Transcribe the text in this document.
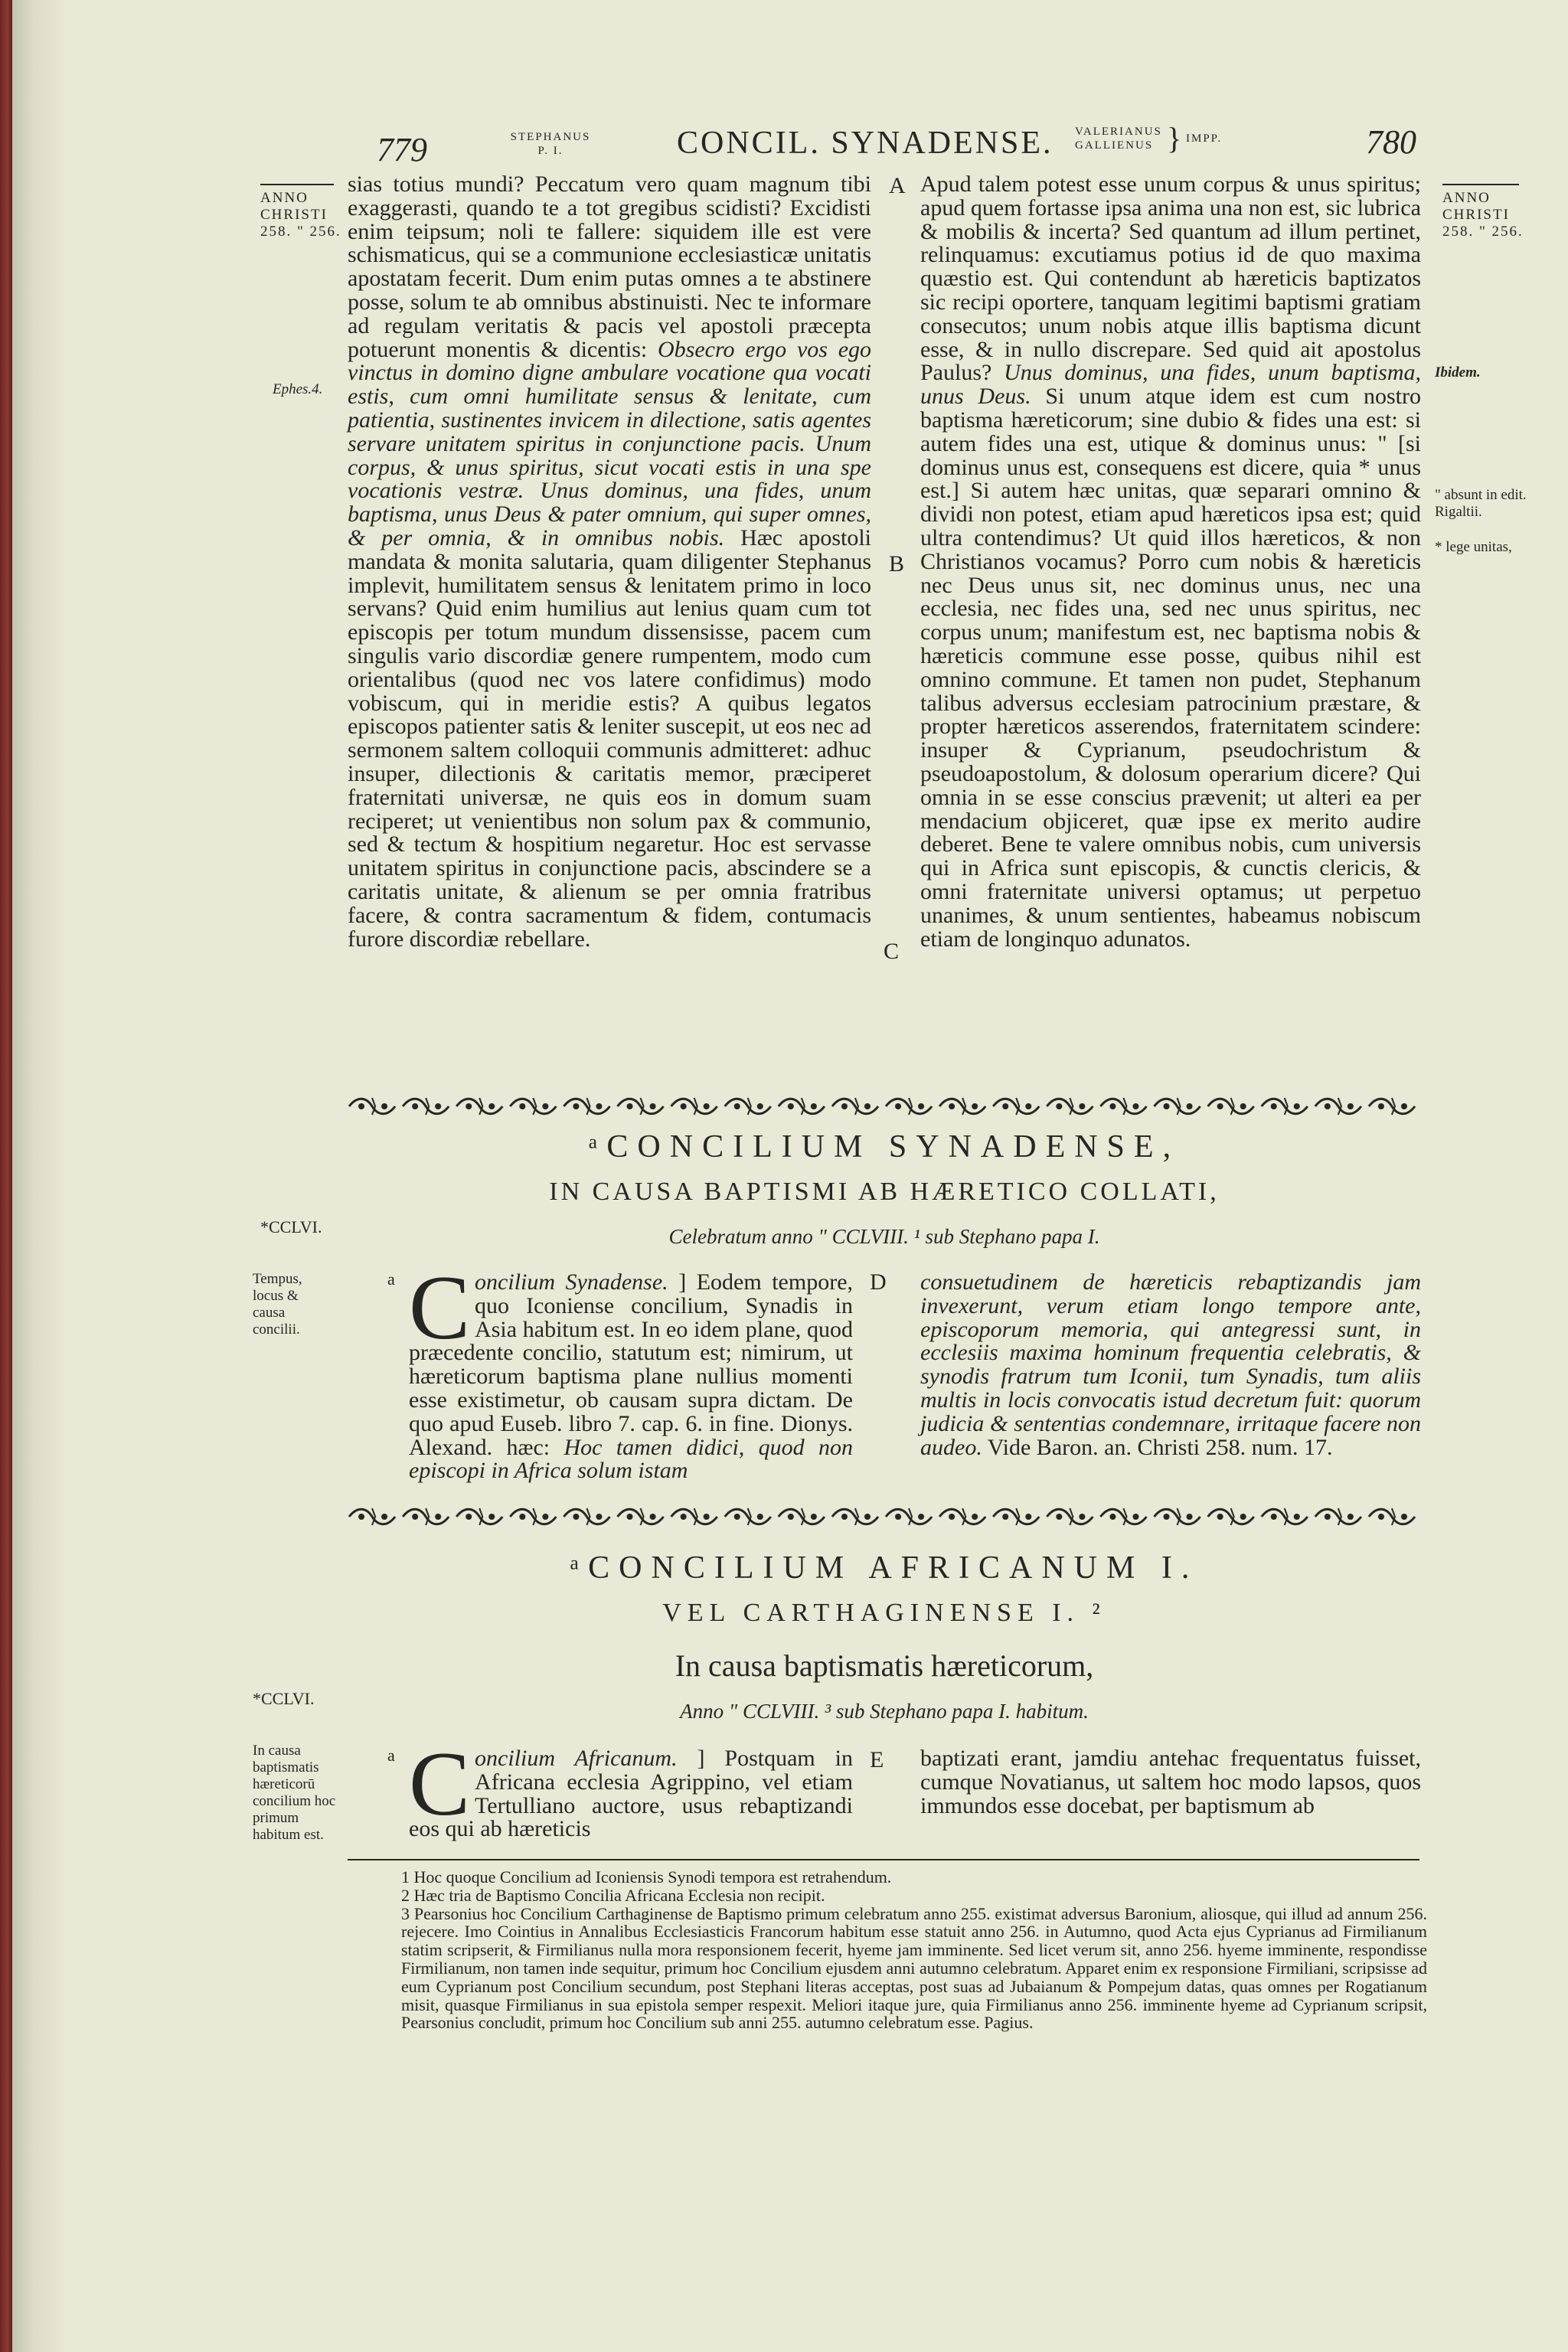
779	STEPHANUS
P. I.	CONCIL. SYNADENSE. VALERIANUS
GALLIENUS } IMPP.	780
ANNO
CHRISTI
258. " 256.
Ephes.4.
*CCLVI.
Tempus, locus & causa concilii.
*CCLVI.
In causa baptismatis hæreticorū concilium hoc primum habitum est.
ANNO
CHRISTI
258. " 256.
Ibidem.
" absunt in edit. Rigaltii.
* lege unitas,
A
B
C
D
E

sias totius mundi? Peccatum vero quam magnum tibi exaggerasti, quando te a tot gregibus scidisti? Excidisti enim teipsum; noli te fallere: siquidem ille est vere schismaticus, qui se a communione ecclesiasticæ unitatis apostatam fecerit. Dum enim putas omnes a te abstinere posse, solum te ab omnibus abstinuisti. Nec te informare ad regulam veritatis & pacis vel apostoli præcepta potuerunt monentis & dicentis: Obsecro ergo vos ego vinctus in domino digne ambulare vocatione qua vocati estis, cum omni humilitate sensus & lenitate, cum patientia, sustinentes invicem in dilectione, satis agentes servare unitatem spiritus in conjunctione pacis. Unum corpus, & unus spiritus, sicut vocati estis in una spe vocationis vestræ. Unus dominus, una fides, unum baptisma, unus Deus & pater omnium, qui super omnes, & per omnia, & in omnibus nobis. Hæc apostoli mandata & monita salutaria, quam diligenter Stephanus implevit, humilitatem sensus & lenitatem primo in loco servans? Quid enim humilius aut lenius quam cum tot episcopis per totum mundum dissensisse, pacem cum singulis vario discordiæ genere rumpentem, modo cum orientalibus (quod nec vos latere confidimus) modo vobiscum, qui in meridie estis? A quibus legatos episcopos patienter satis & leniter suscepit, ut eos nec ad sermonem saltem colloquii communis admitteret: adhuc insuper, dilectionis & caritatis memor, præciperet fraternitati universæ, ne quis eos in domum suam reciperet; ut venientibus non solum pax & communio, sed & tectum & hospitium negaretur. Hoc est servasse unitatem spiritus in conjunctione pacis, abscindere se a caritatis unitate, & alienum se per omnia fratribus facere, & contra sacramentum & fidem, contumacis furore discordiæ rebellare.

Apud talem potest esse unum corpus & unus spiritus; apud quem fortasse ipsa anima una non est, sic lubrica & mobilis & incerta? Sed quantum ad illum pertinet, relinquamus: excutiamus potius id de quo maxima quæstio est. Qui contendunt ab hæreticis baptizatos sic recipi oportere, tanquam legitimi baptismi gratiam consecutos; unum nobis atque illis baptisma dicunt esse, & in nullo discrepare. Sed quid ait apostolus Paulus? Unus dominus, una fides, unum baptisma, unus Deus. Si unum atque idem est cum nostro baptisma hæreticorum; sine dubio & fides una est: si autem fides una est, utique & dominus unus: " [si dominus unus est, consequens est dicere, quia * unus est.] Si autem hæc unitas, quæ separari omnino & dividi non potest, etiam apud hæreticos ipsa est; quid ultra contendimus? Ut quid illos hæreticos, & non Christianos vocamus? Porro cum nobis & hæreticis nec Deus unus sit, nec dominus unus, nec una ecclesia, nec fides una, sed nec unus spiritus, nec corpus unum; manifestum est, nec baptisma nobis & hæreticis commune esse posse, quibus nihil est omnino commune. Et tamen non pudet, Stephanum talibus adversus ecclesiam patrocinium præstare, & propter hæreticos asserendos, fraternitatem scindere: insuper & Cyprianum, pseudochristum & pseudoapostolum, & dolosum operarium dicere? Qui omnia in se esse conscius prævenit; ut alteri ea per mendacium objiceret, quæ ipse ex merito audire deberet. Bene te valere omnibus nobis, cum universis qui in Africa sunt episcopis, & cunctis clericis, & omni fraternitate universi optamus; ut perpetuo unanimes, & unum sentientes, habeamus nobiscum etiam de longinquo adunatos.

ᵃCONCILIUM SYNADENSE,
IN CAUSA BAPTISMI AB HÆRETICO COLLATI,
Celebratum anno " CCLVIII. ¹ sub Stephano papa I.

a C oncilium Synadense. ] Eodem tempore, quo Iconiense concilium, Synadis in Asia habitum est. In eo idem plane, quod præcedente concilio, statutum est; nimirum, ut hæreticorum baptisma plane nullius momenti esse existimetur, ob causam supra dictam. De quo apud Euseb. libro 7. cap. 6. in fine. Dionys. Alexand. hæc: Hoc tamen didici, quod non episcopi in Africa solum istam

consuetudinem de hæreticis rebaptizandis jam invexerunt, verum etiam longo tempore ante, episcoporum memoria, qui antegressi sunt, in ecclesiis maxima hominum frequentia celebratis, & synodis fratrum tum Iconii, tum Synadis, tum aliis multis in locis convocatis istud decretum fuit: quorum judicia & sententias condemnare, irritaque facere non audeo. Vide Baron. an. Christi 258. num. 17.

ᵃCONCILIUM AFRICANUM I.
VEL CARTHAGINENSE I. ²
In causa baptismatis hæreticorum,
Anno " CCLVIII. ³ sub Stephano papa I. habitum.

a C oncilium Africanum. ] Postquam in Africana ecclesia Agrippino, vel etiam Tertulliano auctore, usus rebaptizandi eos qui ab hæreticis

baptizati erant, jamdiu antehac frequentatus fuisset, cumque Novatianus, ut saltem hoc modo lapsos, quos immundos esse docebat, per baptismum ab

1 Hoc quoque Concilium ad Iconiensis Synodi tempora est retrahendum.

2 Hæc tria de Baptismo Concilia Africana Ecclesia non recipit.

3 Pearsonius hoc Concilium Carthaginense de Baptismo primum celebratum anno 255. existimat adversus Baronium, aliosque, qui illud ad annum 256. rejecere. Imo Cointius in Annalibus Ecclesiasticis Francorum habitum esse statuit anno 256. in Autumno, quod Acta ejus Cyprianus ad Firmilianum statim scripserit, & Firmilianus nulla mora responsionem fecerit, hyeme jam imminente. Sed licet verum sit, anno 256. hyeme imminente, respondisse Firmilianum, non tamen inde sequitur, primum hoc Concilium ejusdem anni autumno celebratum. Apparet enim ex responsione Firmiliani, scripsisse ad eum Cyprianum post Concilium secundum, post Stephani literas acceptas, post suas ad Jubaianum & Pompejum datas, quas omnes per Rogatianum misit, quasque Firmilianus in sua epistola semper respexit. Meliori itaque jure, quia Firmilianus anno 256. imminente hyeme ad Cyprianum scripsit, Pearsonius concludit, primum hoc Concilium sub anni 255. autumno celebratum esse. Pagius.
